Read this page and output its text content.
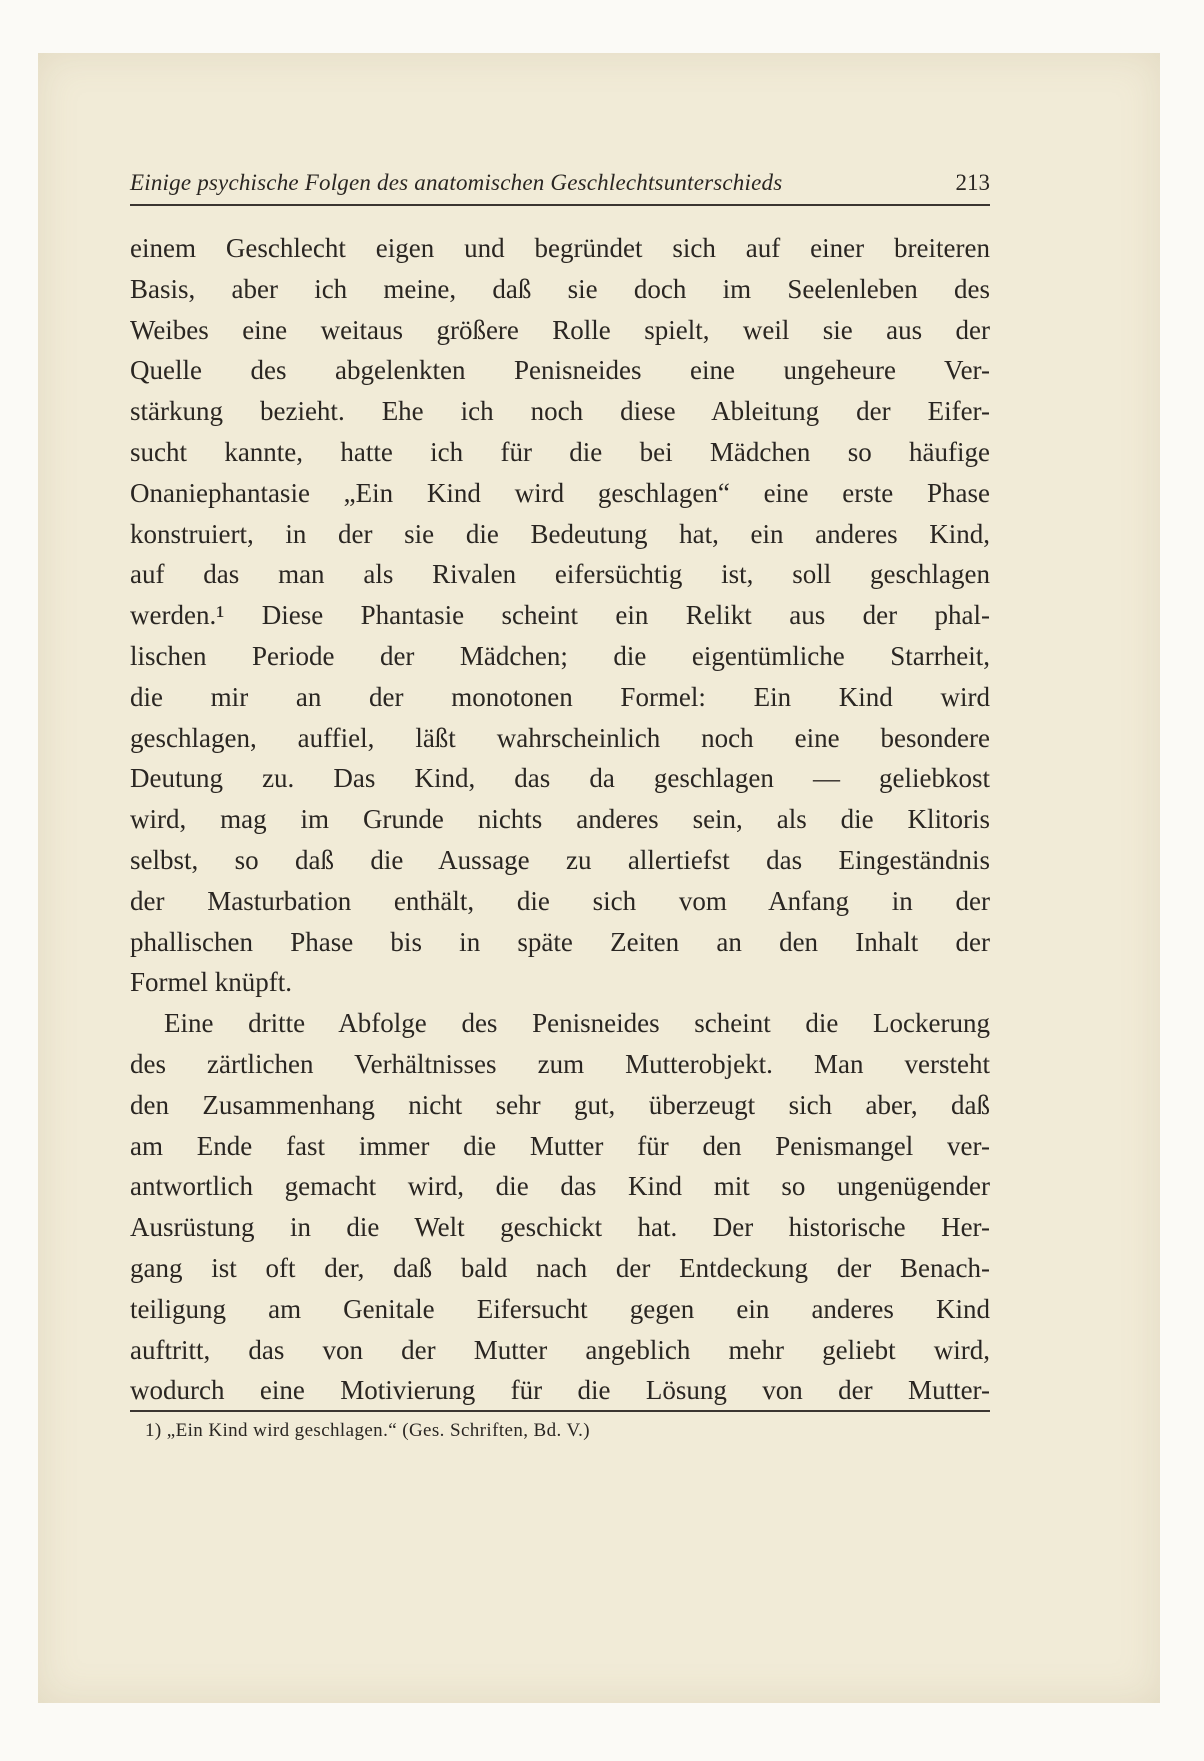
Einige psychische Folgen des anatomischen Geschlechtsunterschieds	213
einem Geschlecht eigen und begründet sich auf einer breiteren
Basis, aber ich meine, daß sie doch im Seelenleben des
Weibes eine weitaus größere Rolle spielt, weil sie aus der
Quelle des abgelenkten Penisneides eine ungeheure Ver-
stärkung bezieht. Ehe ich noch diese Ableitung der Eifer-
sucht kannte, hatte ich für die bei Mädchen so häufige
Onaniephantasie „Ein Kind wird geschlagen“ eine erste Phase
konstruiert, in der sie die Bedeutung hat, ein anderes Kind,
auf das man als Rivalen eifersüchtig ist, soll geschlagen
werden.¹ Diese Phantasie scheint ein Relikt aus der phal-
lischen Periode der Mädchen; die eigentümliche Starrheit,
die mir an der monotonen Formel: Ein Kind wird
geschlagen, auffiel, läßt wahrscheinlich noch eine besondere
Deutung zu. Das Kind, das da geschlagen — geliebkost
wird, mag im Grunde nichts anderes sein, als die Klitoris
selbst, so daß die Aussage zu allertiefst das Eingeständnis
der Masturbation enthält, die sich vom Anfang in der
phallischen Phase bis in späte Zeiten an den Inhalt der
Formel knüpft.
Eine dritte Abfolge des Penisneides scheint die Lockerung
des zärtlichen Verhältnisses zum Mutterobjekt. Man versteht
den Zusammenhang nicht sehr gut, überzeugt sich aber, daß
am Ende fast immer die Mutter für den Penismangel ver-
antwortlich gemacht wird, die das Kind mit so ungenügender
Ausrüstung in die Welt geschickt hat. Der historische Her-
gang ist oft der, daß bald nach der Entdeckung der Benach-
teiligung am Genitale Eifersucht gegen ein anderes Kind
auftritt, das von der Mutter angeblich mehr geliebt wird,
wodurch eine Motivierung für die Lösung von der Mutter-
1) „Ein Kind wird geschlagen.“ (Ges. Schriften, Bd. V.)
